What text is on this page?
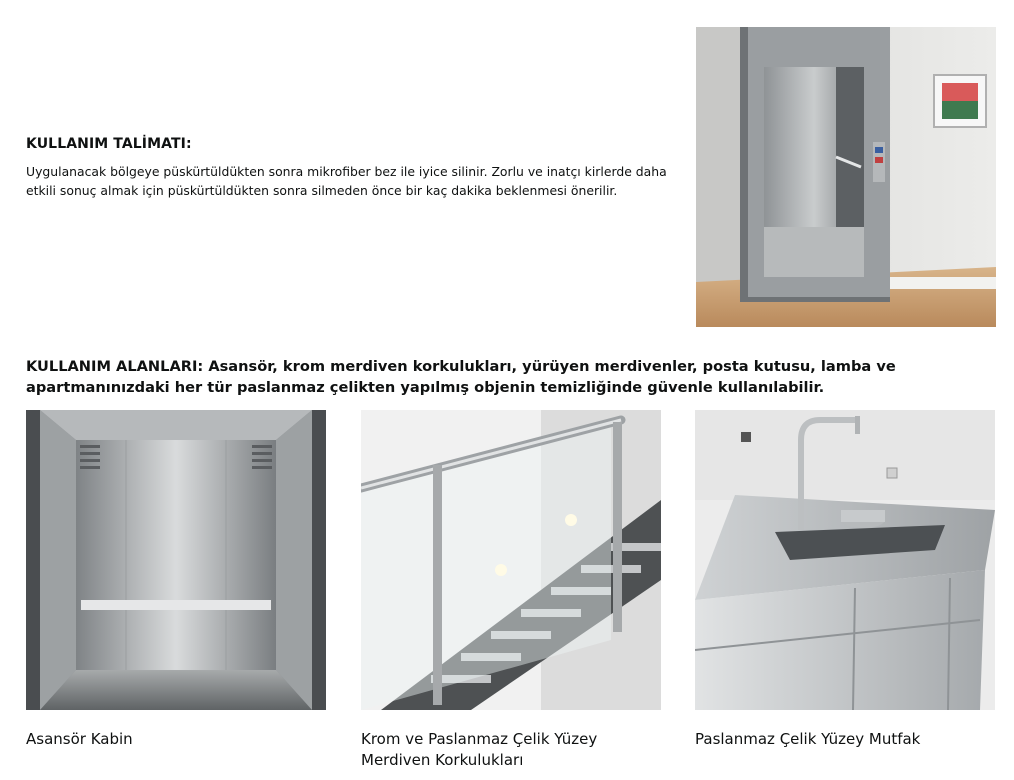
KULLANIM TALİMATI:

Uygulanacak bölgeye püskürtüldükten sonra mikrofiber bez ile iyice silinir. Zorlu ve inatçı kirlerde daha etkili sonuç almak için püskürtüldükten sonra silmeden önce bir kaç dakika beklenmesi önerilir.

KULLANIM ALANLARI: Asansör, krom merdiven korkulukları, yürüyen merdivenler, posta kutusu, lamba ve apartmanınızdaki her tür paslanmaz çelikten yapılmış objenin temizliğinde güvenle kullanılabilir.

Asansör Kabin	Krom ve Paslanmaz Çelik Yüzey Merdiven Korkulukları

Paslanmaz Çelik Yüzey Mutfak
